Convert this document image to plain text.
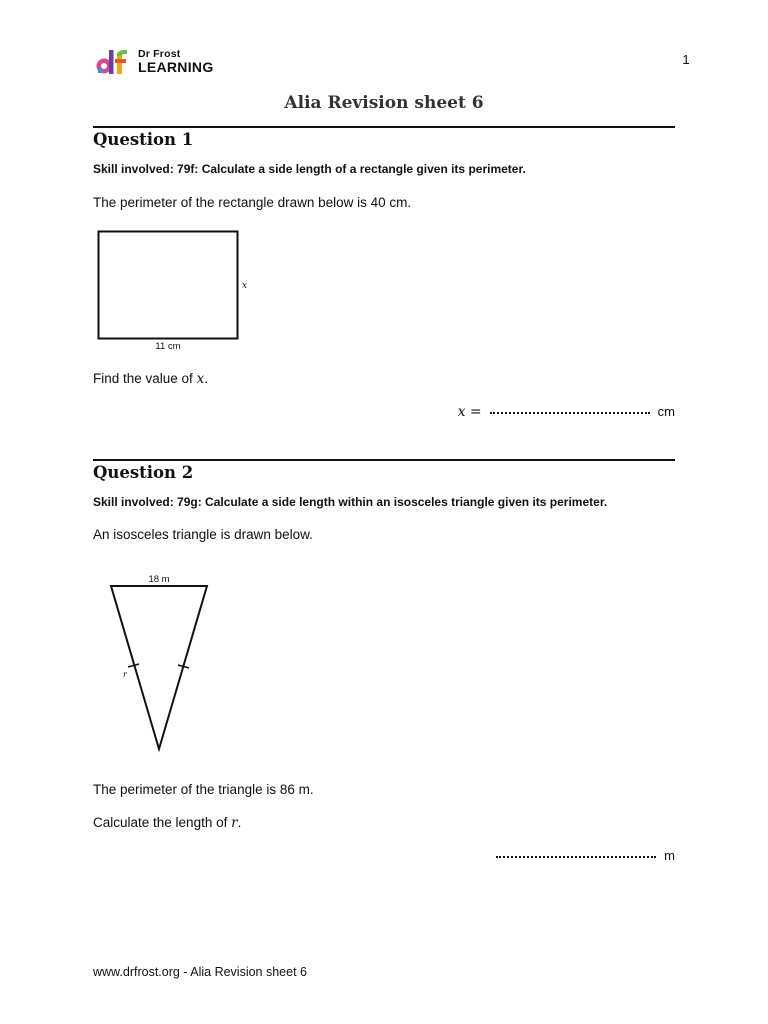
Dr Frost
LEARNING	1
Alia Revision sheet 6
Question 1
Skill involved: 79f: Calculate a side length of a rectangle given its perimeter.
The perimeter of the rectangle drawn below is 40 cm.
11 cm
x
Find the value of x.
x =	cm
Question 2
Skill involved: 79g: Calculate a side length within an isosceles triangle given its perimeter.
An isosceles triangle is drawn below.
18 m
r
The perimeter of the triangle is 86 m.
Calculate the length of r.
m
www.drfrost.org - Alia Revision sheet 6
